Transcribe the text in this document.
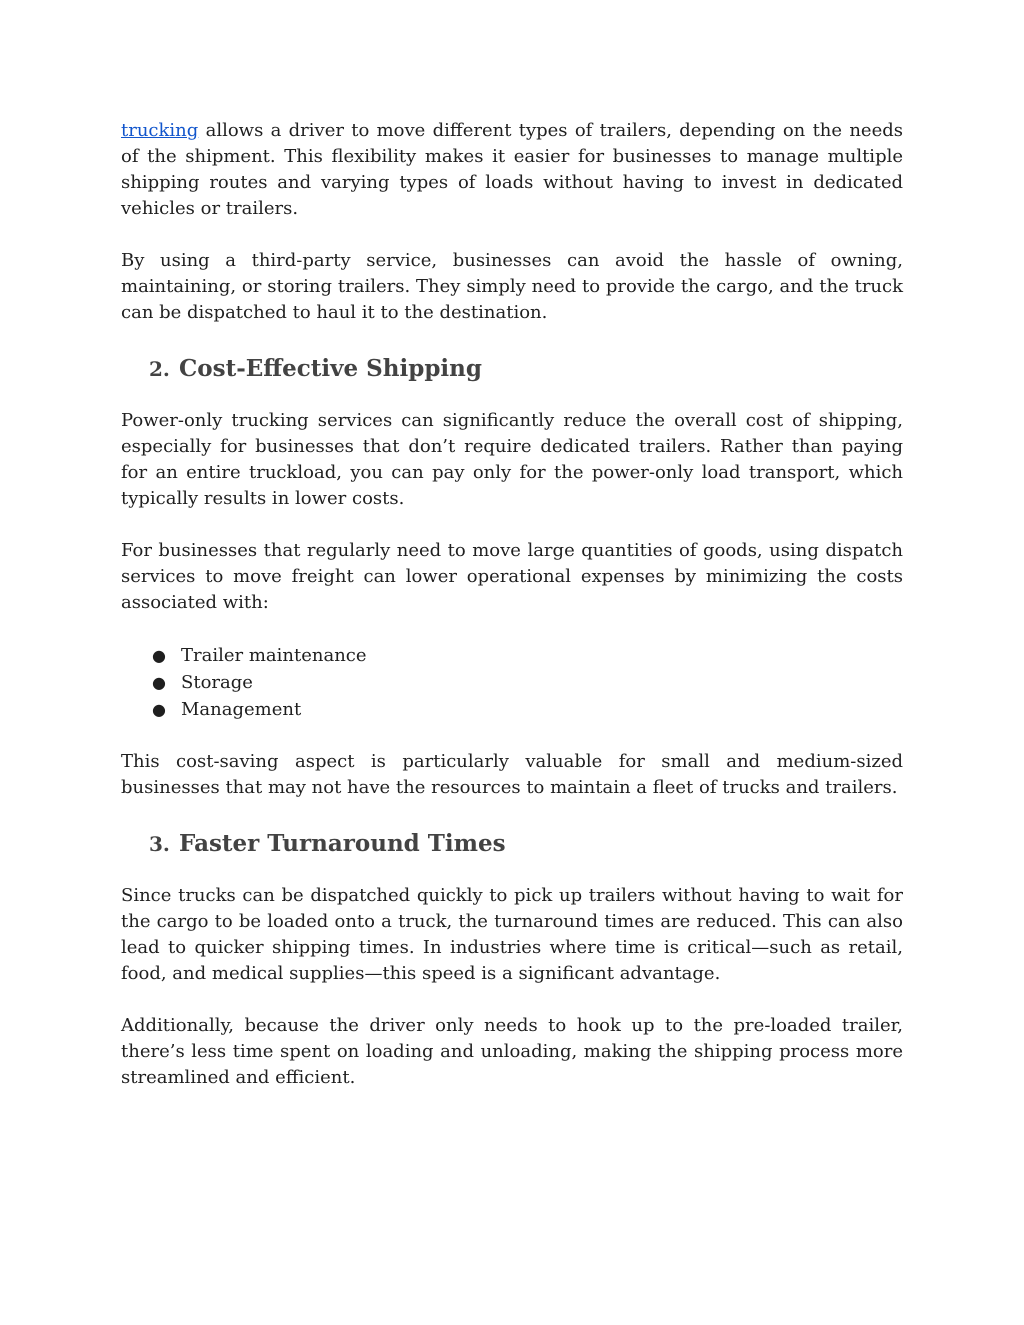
trucking allows a driver to move different types of trailers, depending on the needs of the shipment. This flexibility makes it easier for businesses to manage multiple shipping routes and varying types of loads without having to invest in dedicated vehicles or trailers.

By using a third-party service, businesses can avoid the hassle of owning, maintaining, or storing trailers. They simply need to provide the cargo, and the truck can be dispatched to haul it to the destination.

2. Cost-Effective Shipping

Power-only trucking services can significantly reduce the overall cost of shipping, especially for businesses that don’t require dedicated trailers. Rather than paying for an entire truckload, you can pay only for the power-only load transport, which typically results in lower costs.

For businesses that regularly need to move large quantities of goods, using dispatch services to move freight can lower operational expenses by minimizing the costs associated with:

● Trailer maintenance
● Storage
● Management

This cost-saving aspect is particularly valuable for small and medium-sized businesses that may not have the resources to maintain a fleet of trucks and trailers.

3. Faster Turnaround Times

Since trucks can be dispatched quickly to pick up trailers without having to wait for the cargo to be loaded onto a truck, the turnaround times are reduced. This can also lead to quicker shipping times. In industries where time is critical—such as retail, food, and medical supplies—this speed is a significant advantage.

Additionally, because the driver only needs to hook up to the pre-loaded trailer, there’s less time spent on loading and unloading, making the shipping process more streamlined and efficient.
